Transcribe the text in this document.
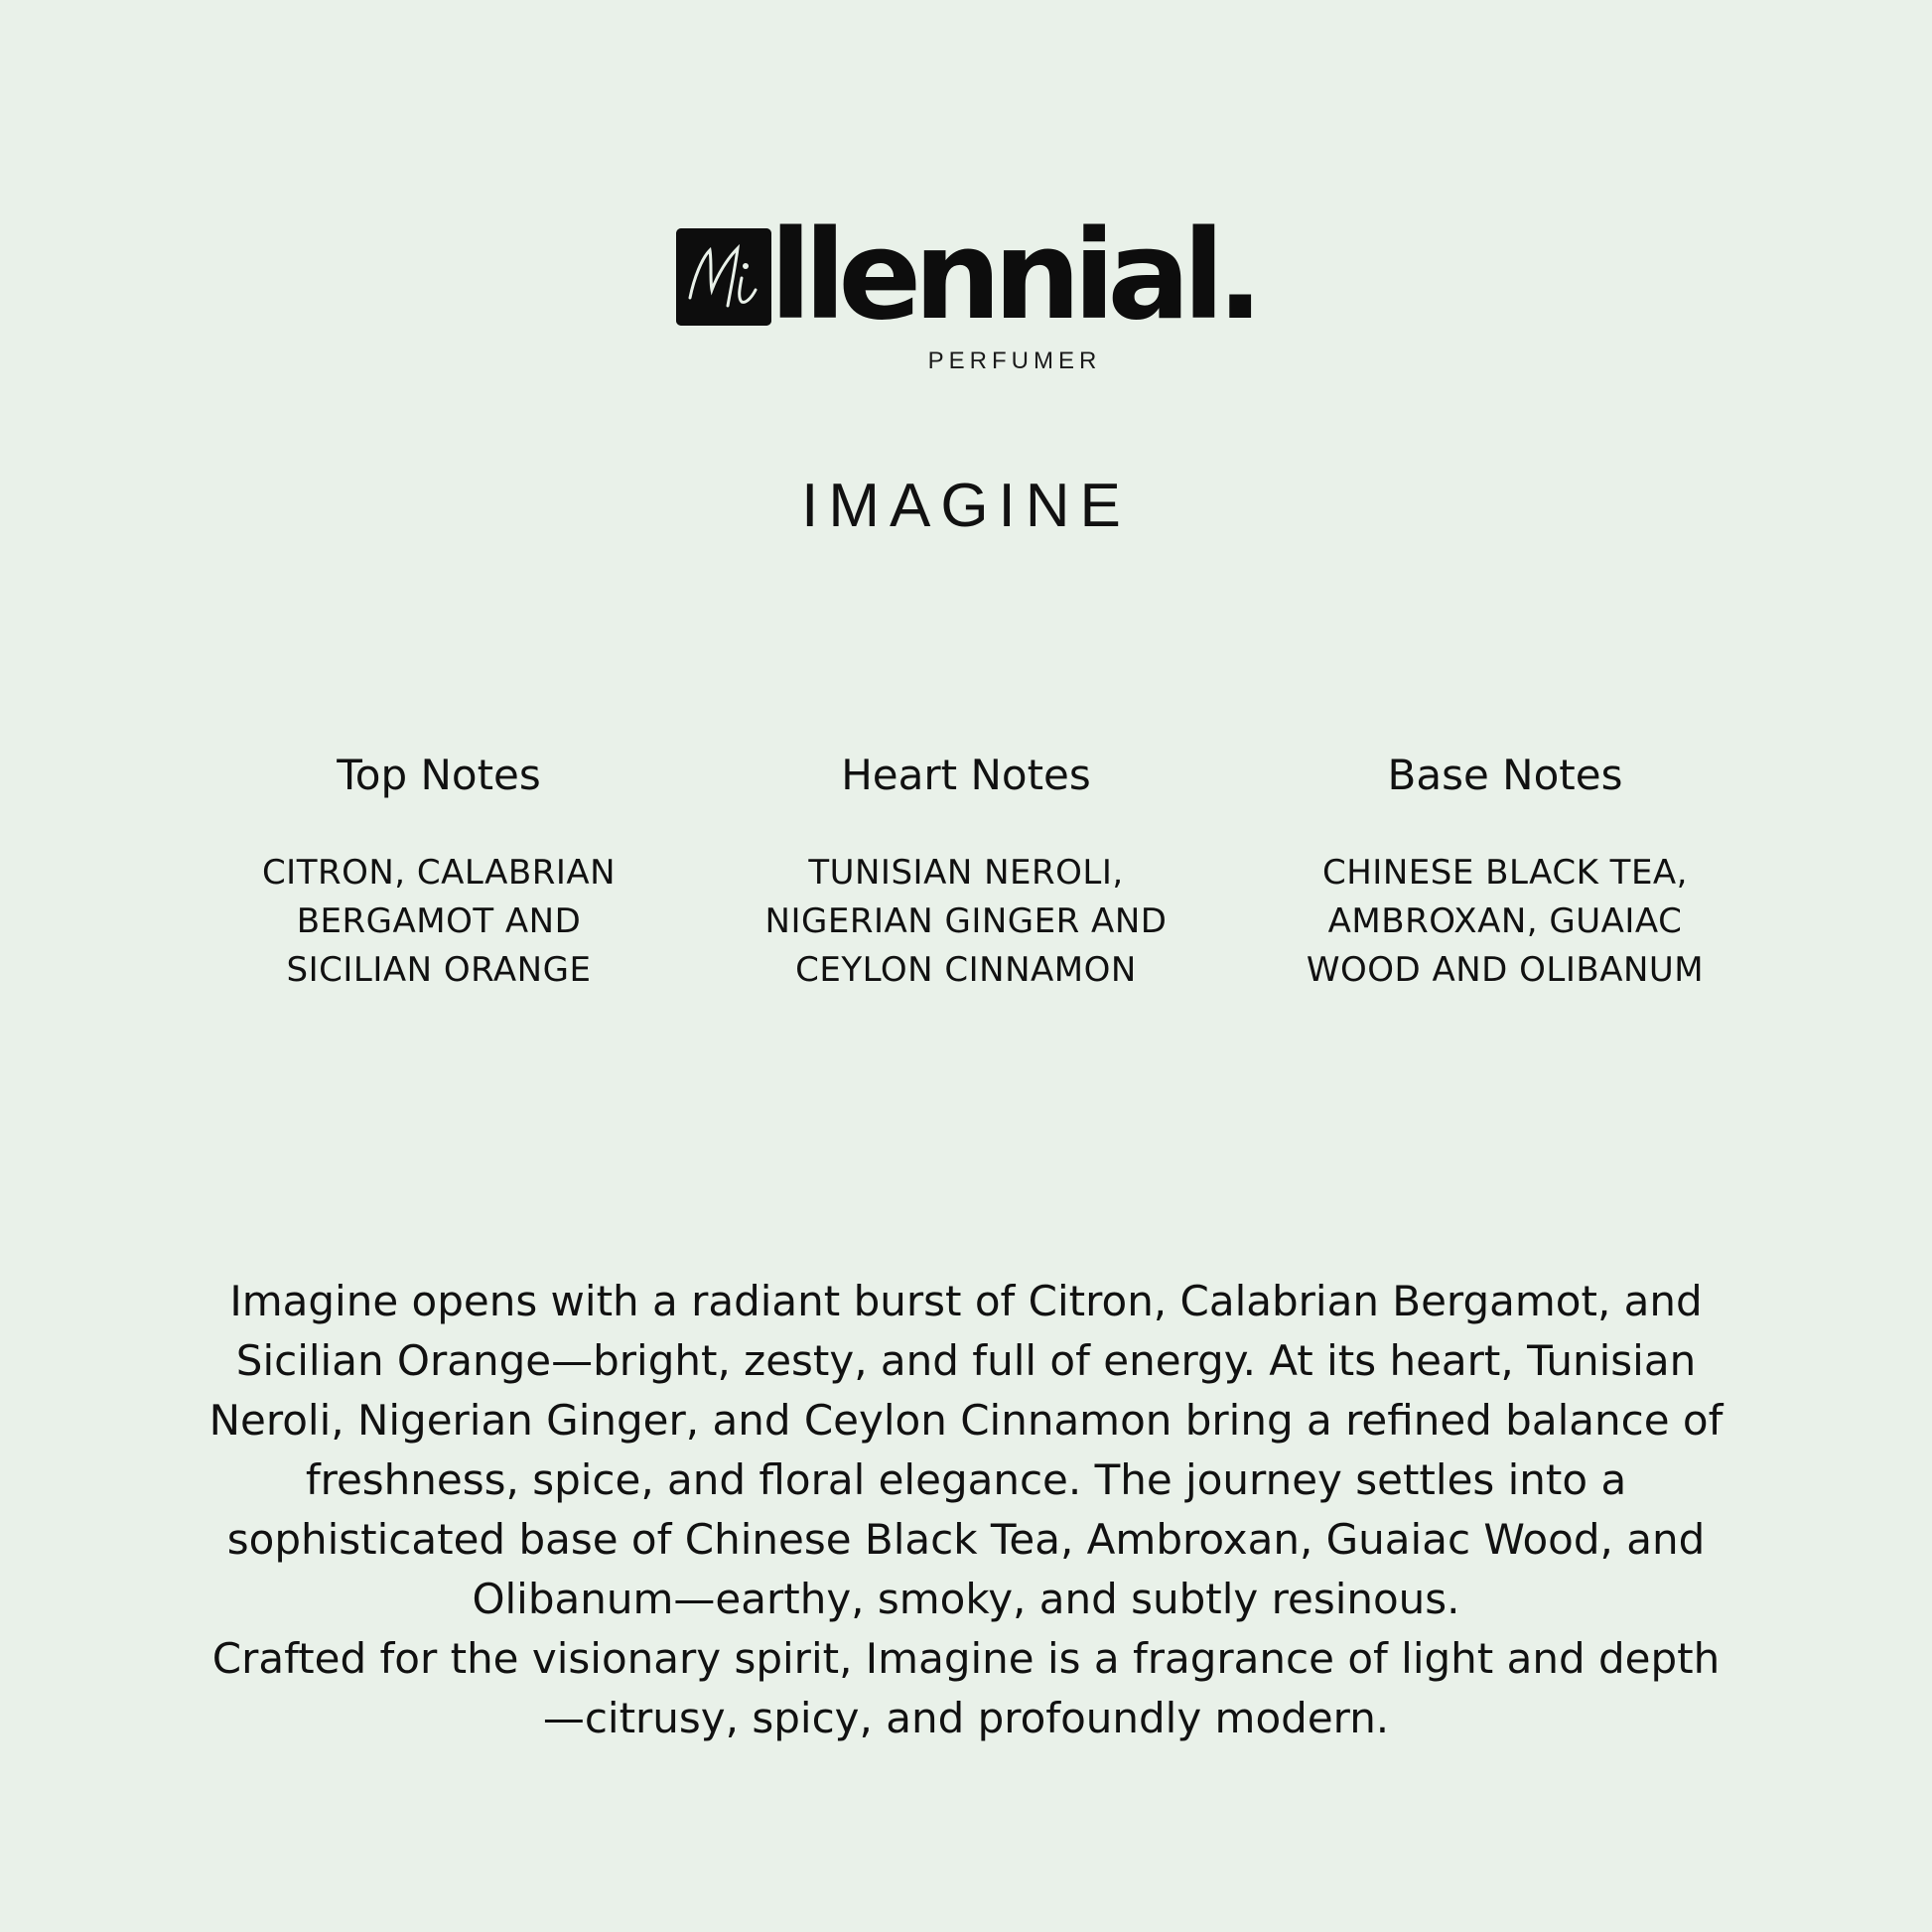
llennial.
PERFUMER
IMAGINE
Top Notes
CITRON, CALABRIAN
BERGAMOT AND
SICILIAN ORANGE
Heart Notes
TUNISIAN NEROLI,
NIGERIAN GINGER AND
CEYLON CINNAMON
Base Notes
CHINESE BLACK TEA,
AMBROXAN, GUAIAC
WOOD AND OLIBANUM
Imagine opens with a radiant burst of Citron, Calabrian Bergamot, and
Sicilian Orange—bright, zesty, and full of energy. At its heart, Tunisian
Neroli, Nigerian Ginger, and Ceylon Cinnamon bring a refined balance of
freshness, spice, and floral elegance. The journey settles into a
sophisticated base of Chinese Black Tea, Ambroxan, Guaiac Wood, and
Olibanum—earthy, smoky, and subtly resinous.
Crafted for the visionary spirit, Imagine is a fragrance of light and depth
—citrusy, spicy, and profoundly modern.
